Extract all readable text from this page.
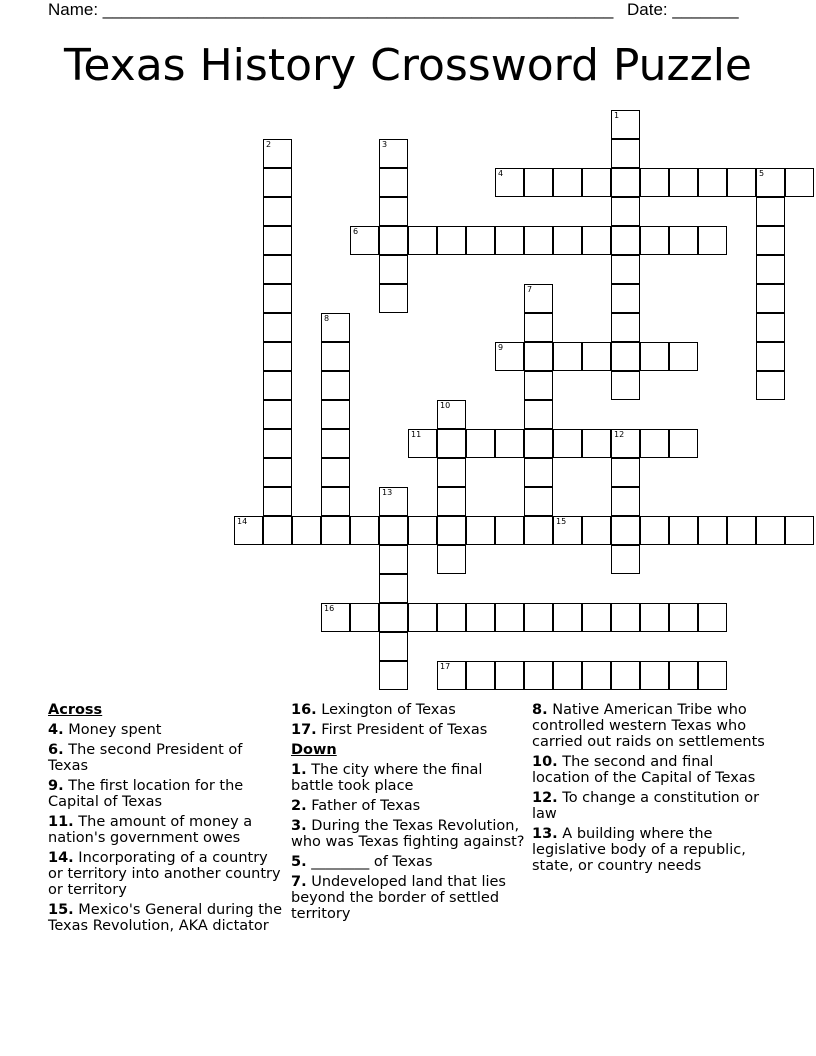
Name: ______________________________________________________ Date: _______
Texas History Crossword Puzzle
1
2	3
4	5
6
7
8
9
10
11	12
13
14	15
16
17
Across
4. Money spent
6. The second President of Texas
9. The first location for the Capital of Texas
11. The amount of money a nation's government owes
14. Incorporating of a country or territory into another country or territory
15. Mexico's General during the Texas Revolution, AKA dictator
16. Lexington of Texas
17. First President of Texas
Down
1. The city where the final battle took place
2. Father of Texas
3. During the Texas Revolution, who was Texas fighting against?
5. ________ of Texas
7. Undeveloped land that lies beyond the border of settled territory
8. Native American Tribe who controlled western Texas who carried out raids on settlements
10. The second and final location of the Capital of Texas
12. To change a constitution or law
13. A building where the legislative body of a republic, state, or country needs
